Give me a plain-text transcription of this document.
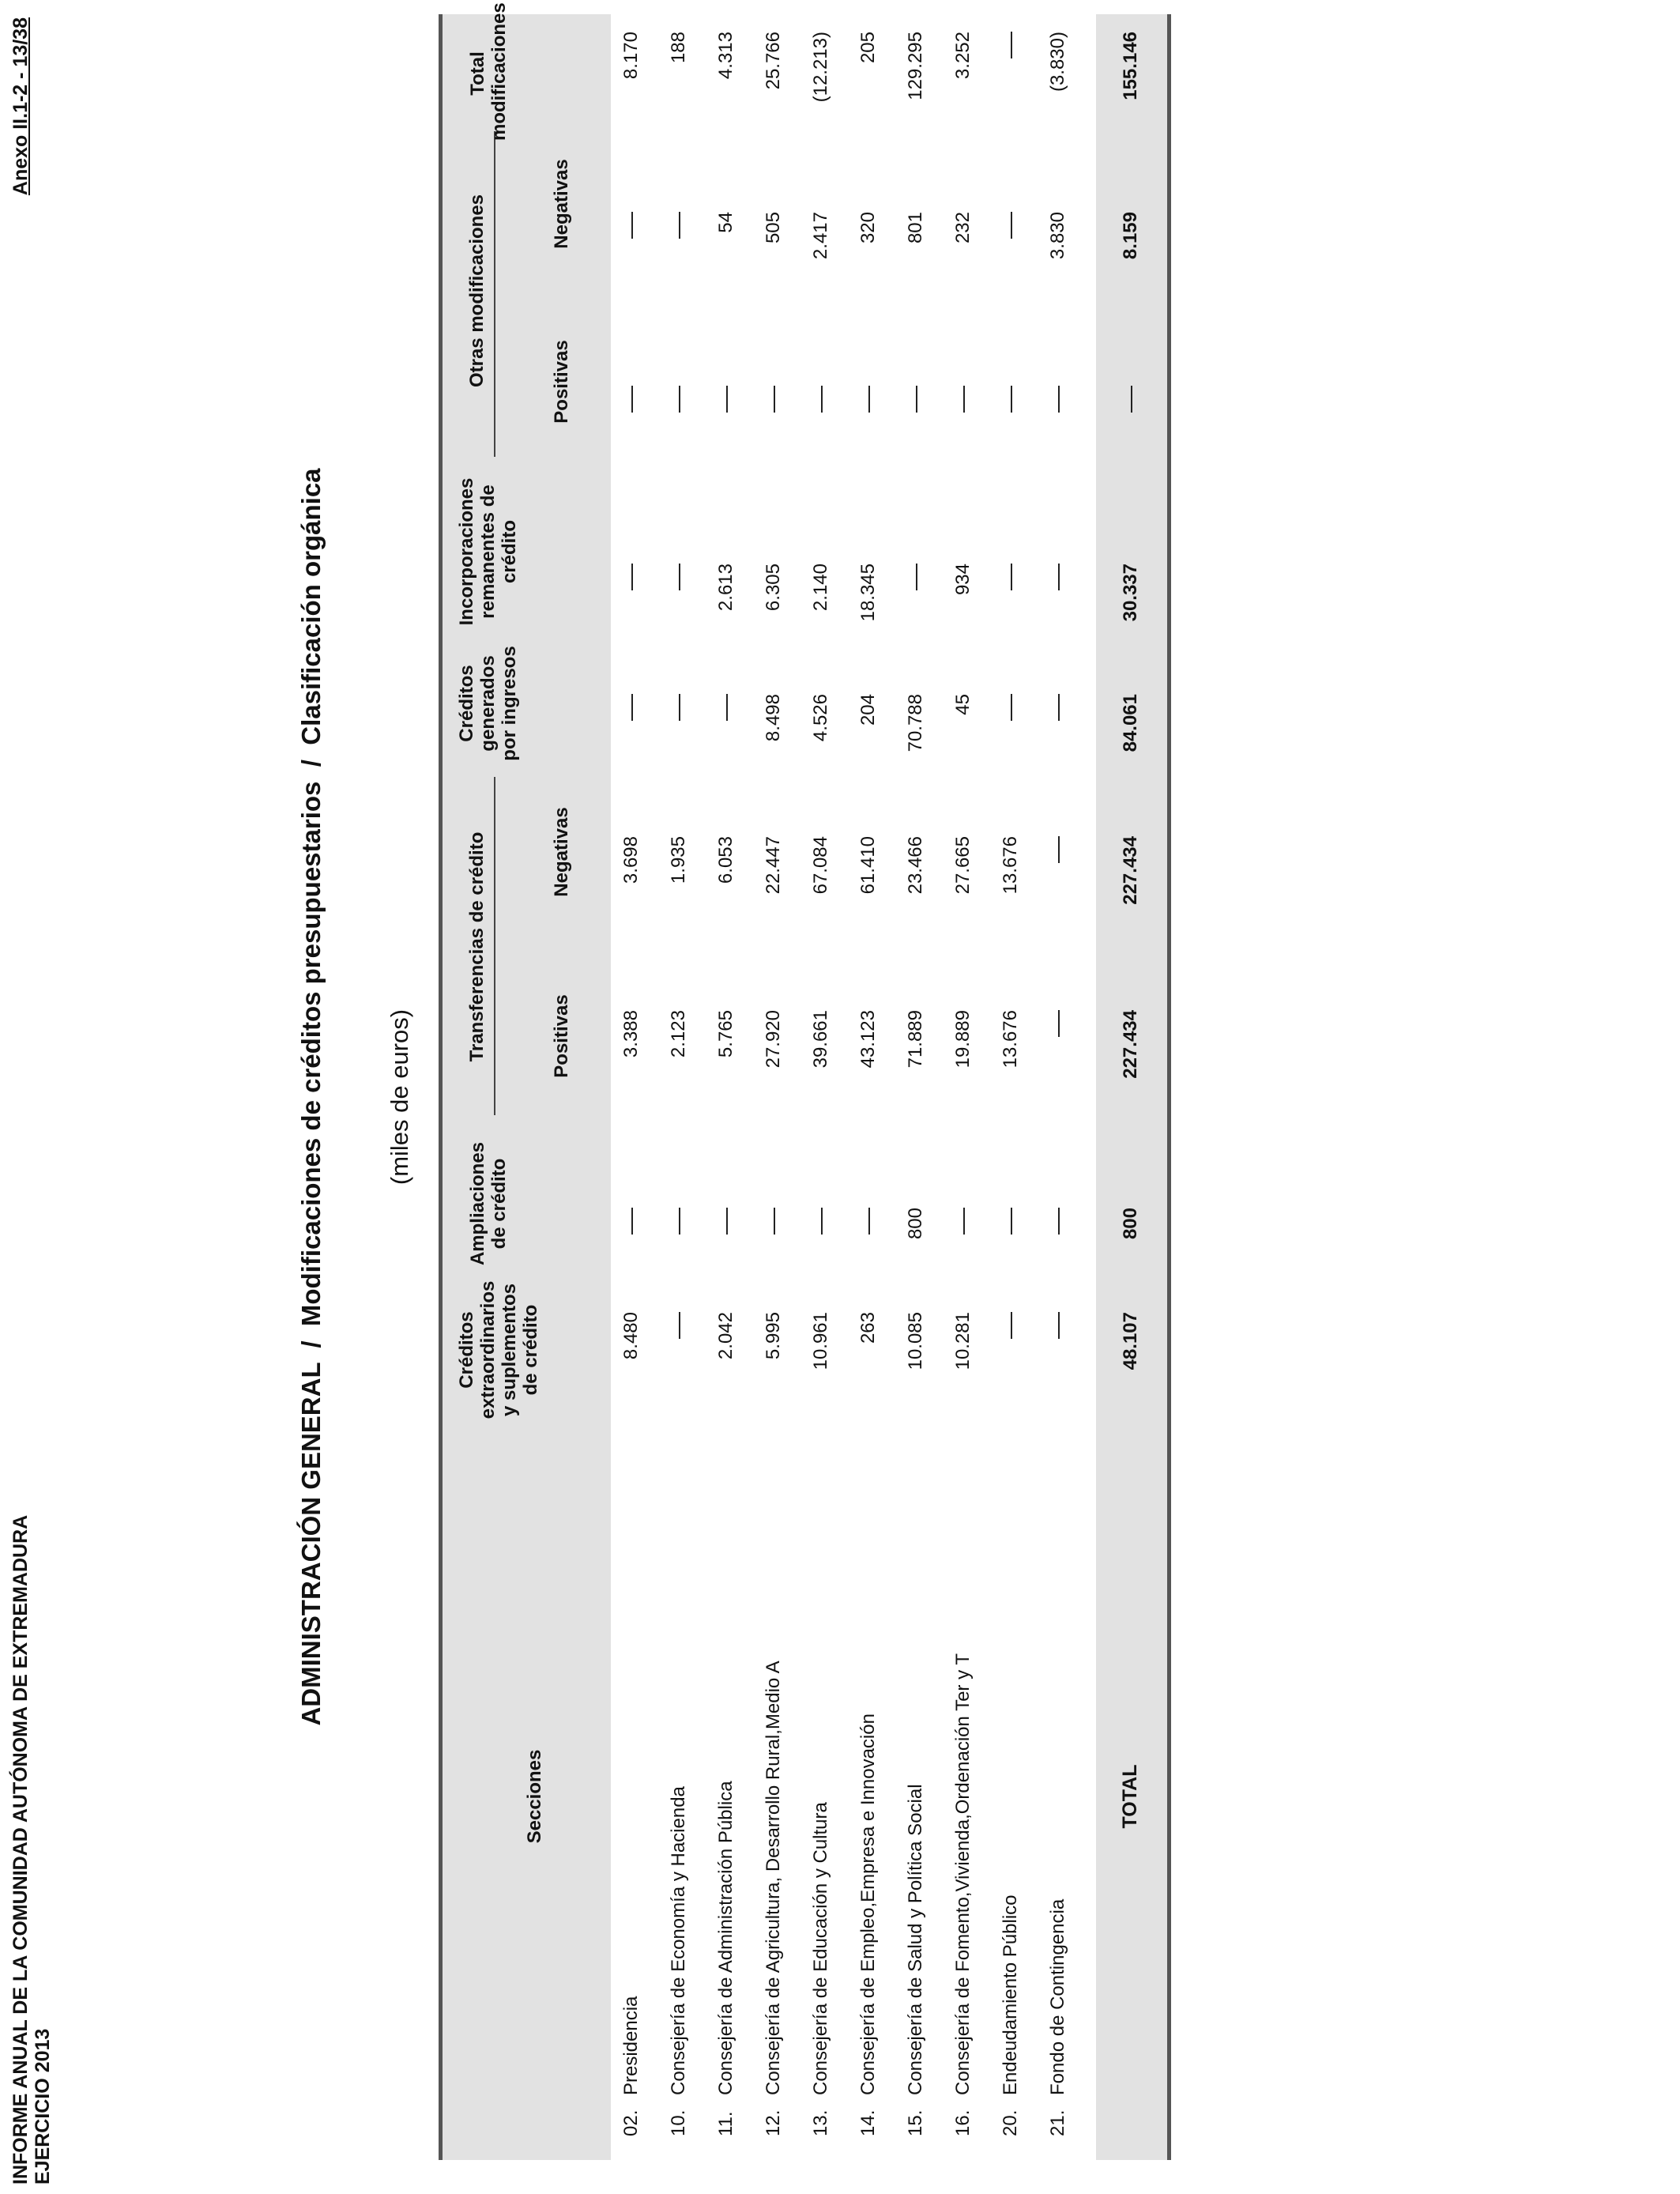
INFORME ANUAL DE LA COMUNIDAD AUTÓNOMA DE EXTREMADURA EJERCICIO 2013
Anexo II.1-2 - 13/38
ADMINISTRACIÓN GENERAL  /  Modificaciones de créditos presupuestarios  /  Clasificación orgánica (miles de euros)
Secciones
Créditos extraordinarios y suplementos de crédito
Ampliaciones de crédito
Transferencias de crédito	Positivas
Negativas
Créditos generados por ingresos
Incorporaciones remanentes de crédito
Otras modificaciones	Positivas
Negativas
Total modificaciones
02.Presidencia
8.480
3.388
3.698
8.170
10.Consejería de Economía y Hacienda
2.123
1.935
188
11.Consejería de Administración Pública
2.042
5.765
6.053
2.613
54
4.313
12.Consejería de Agricultura, Desarrollo Rural,Medio A
5.995
27.920
22.447
8.498
6.305
505
25.766
13.Consejería de Educación y Cultura
10.961
39.661
67.084
4.526
2.140
2.417
(12.213)
14.Consejería de Empleo,Empresa e Innovación
263
43.123
61.410
204
18.345
320
205
15.Consejería de Salud y Política Social
10.085
800
71.889
23.466
70.788
801
129.295
16.Consejería de Fomento,Vivienda,Ordenación Ter y T
10.281
19.889
27.665
45
934
232
3.252
20.Endeudamiento Público
13.676
13.676
21.Fondo de Contingencia
3.830
(3.830)
TOTAL
48.107
800
227.434
227.434
84.061
30.337
8.159
155.146
